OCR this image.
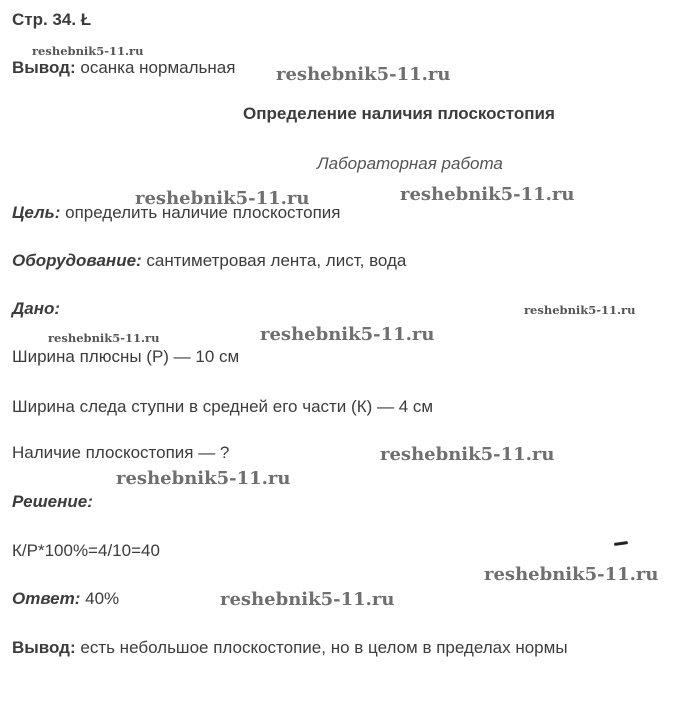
Стр. 34. Ł
Вывод: осанка нормальная
Определение наличия плоскостопия
Лабораторная работа
Цель: определить наличие плоскостопия
Оборудование: сантиметровая лента, лист, вода
Дано:
Ширина плюсны (Р) — 10 см
Ширина следа ступни в средней его части (К) — 4 см
Наличие плоскостопия — ?
Решение:
К/Р*100%=4/10=40
Ответ: 40%
Вывод: есть небольшое плоскостопие, но в целом в пределах нормы
reshebnik5-11.ru
reshebnik5-11.ru
reshebnik5-11.ru	reshebnik5-11.ru
reshebnik5-11.ru
reshebnik5-11.ru	reshebnik5-11.ru
reshebnik5-11.ru
reshebnik5-11.ru
reshebnik5-11.ru
reshebnik5-11.ru
